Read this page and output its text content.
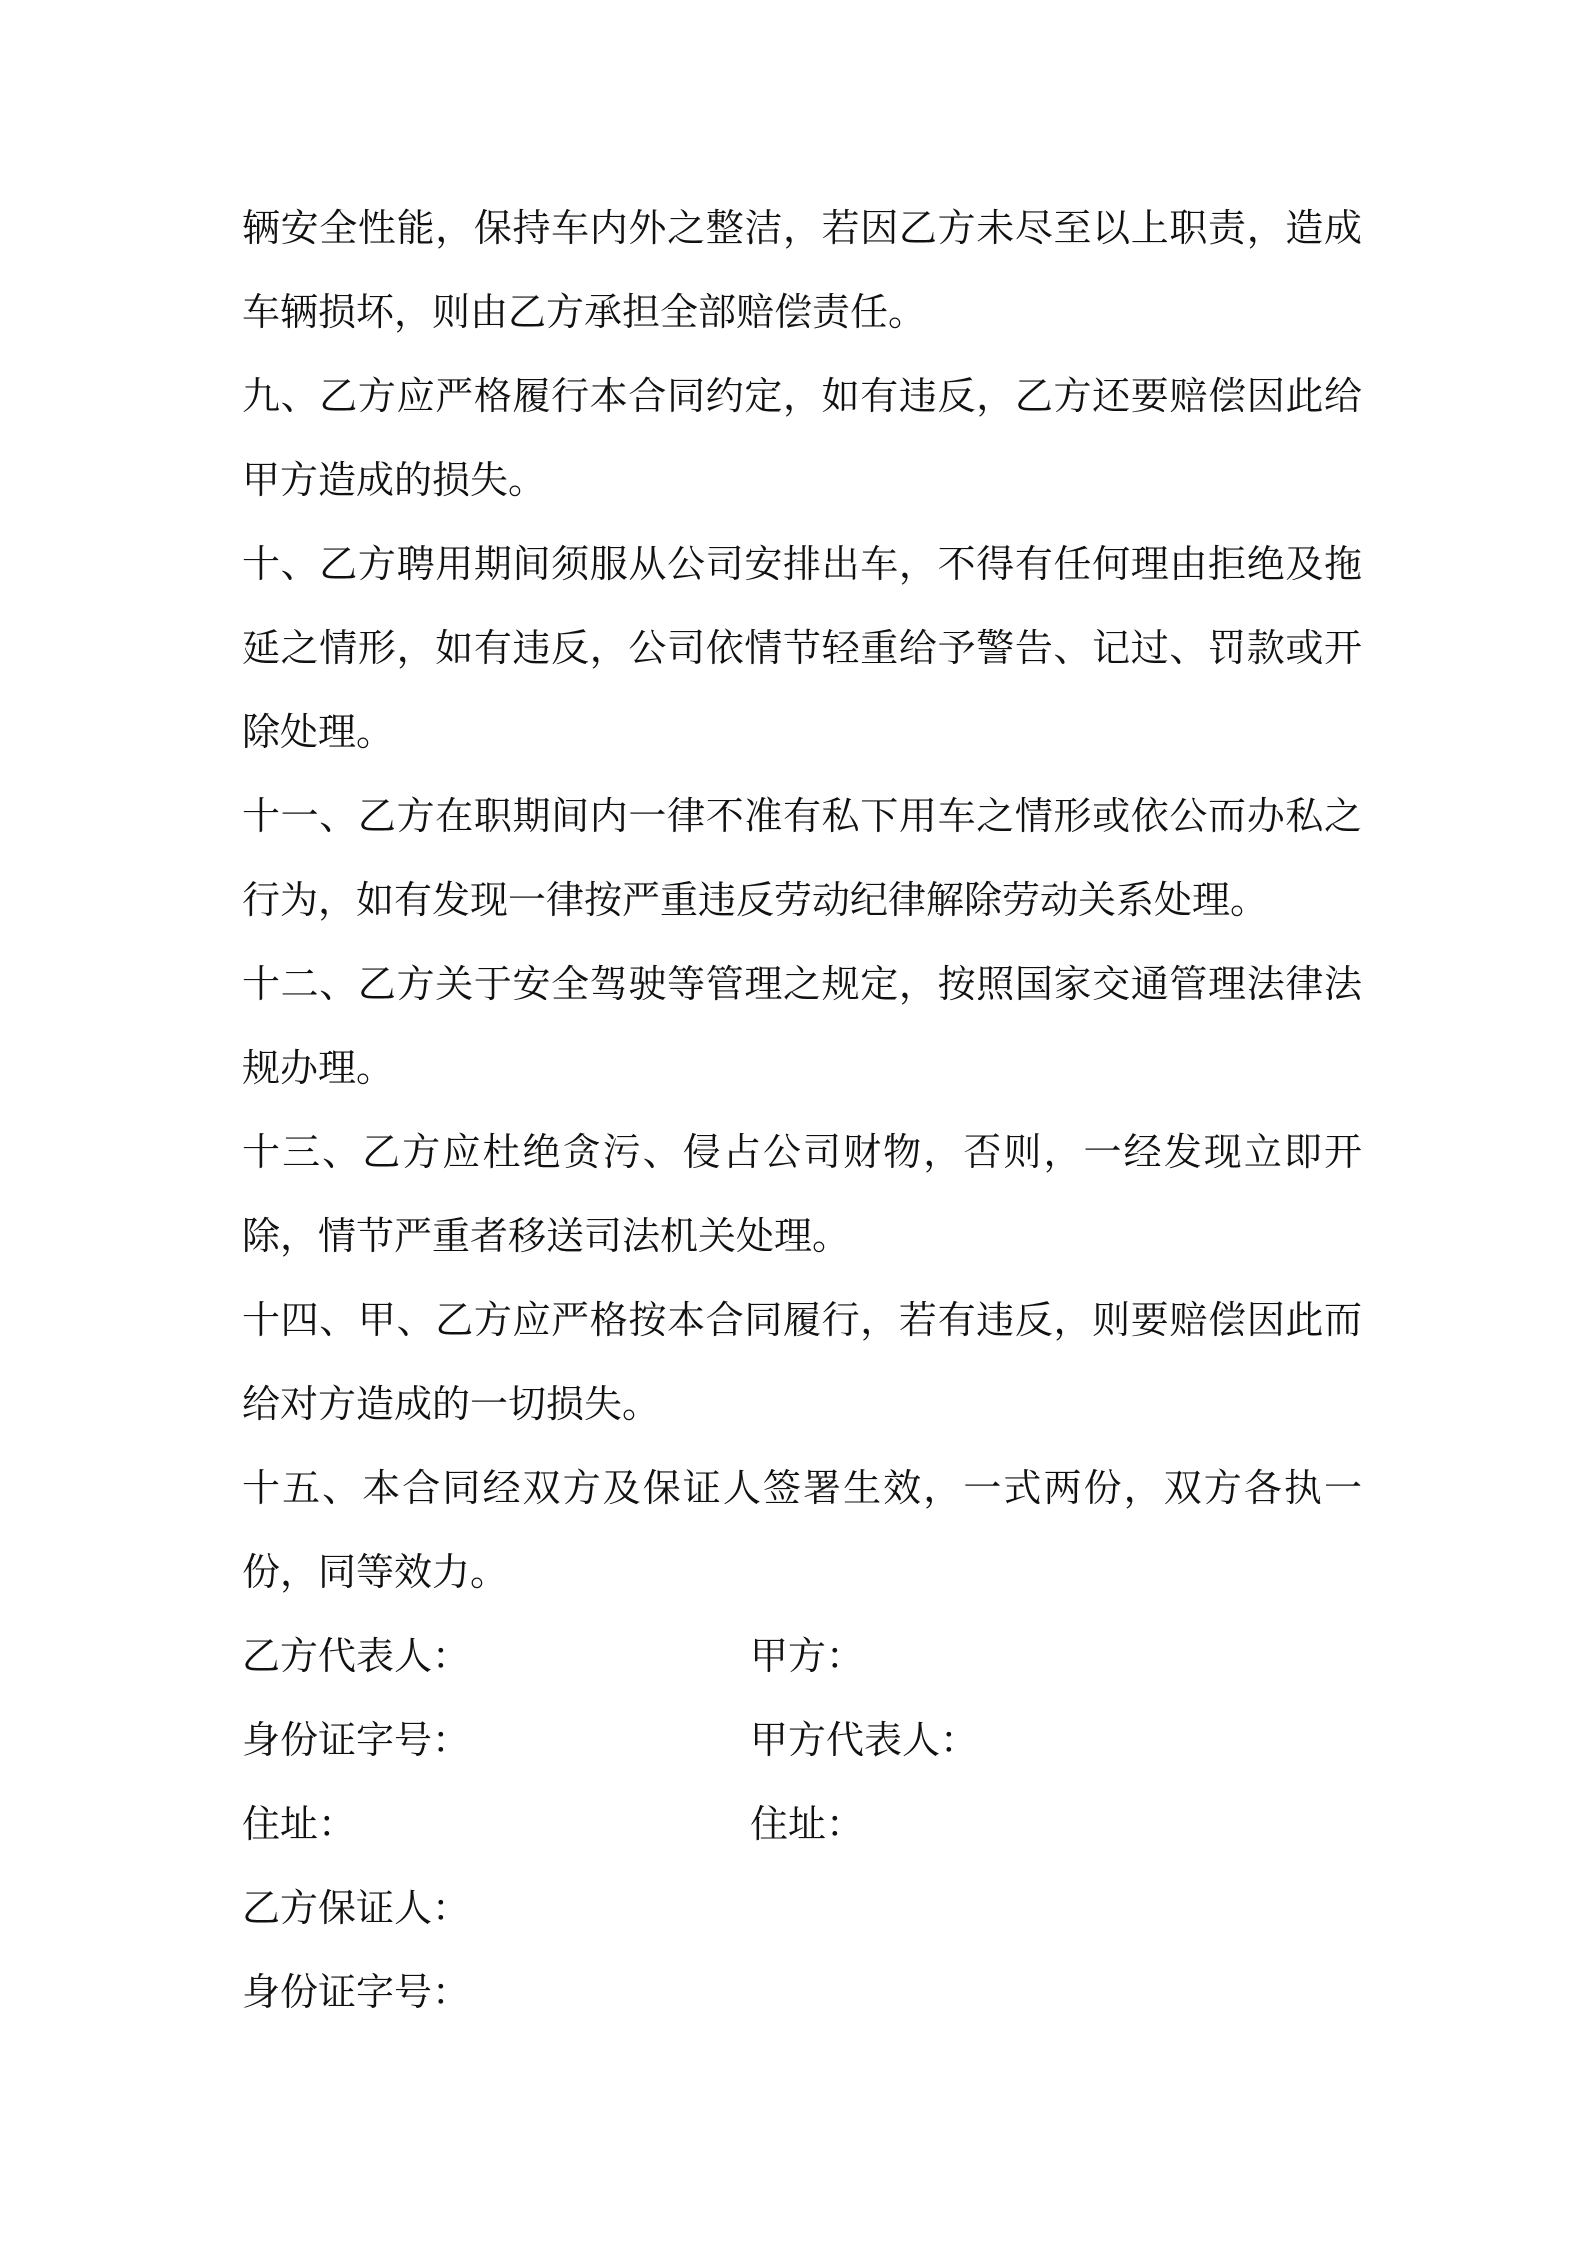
辆安全性能，保持车内外之整洁，若因乙方未尽至以上职责，造成车辆损坏，则由乙方承担全部赔偿责任。

九、乙方应严格履行本合同约定，如有违反，乙方还要赔偿因此给甲方造成的损失。

十、乙方聘用期间须服从公司安排出车，不得有任何理由拒绝及拖延之情形，如有违反，公司依情节轻重给予警告、记过、罚款或开除处理。

十一、乙方在职期间内一律不准有私下用车之情形或依公而办私之行为，如有发现一律按严重违反劳动纪律解除劳动关系处理。

十二、乙方关于安全驾驶等管理之规定，按照国家交通管理法律法规办理。

十三、乙方应杜绝贪污、侵占公司财物，否则，一经发现立即开除，情节严重者移送司法机关处理。

十四、甲、乙方应严格按本合同履行，若有违反，则要赔偿因此而给对方造成的一切损失。

十五、本合同经双方及保证人签署生效，一式两份，双方各执一份，同等效力。

乙方代表人：	甲方：

身份证字号：	甲方代表人：

住址：	住址：

乙方保证人：

身份证字号：
